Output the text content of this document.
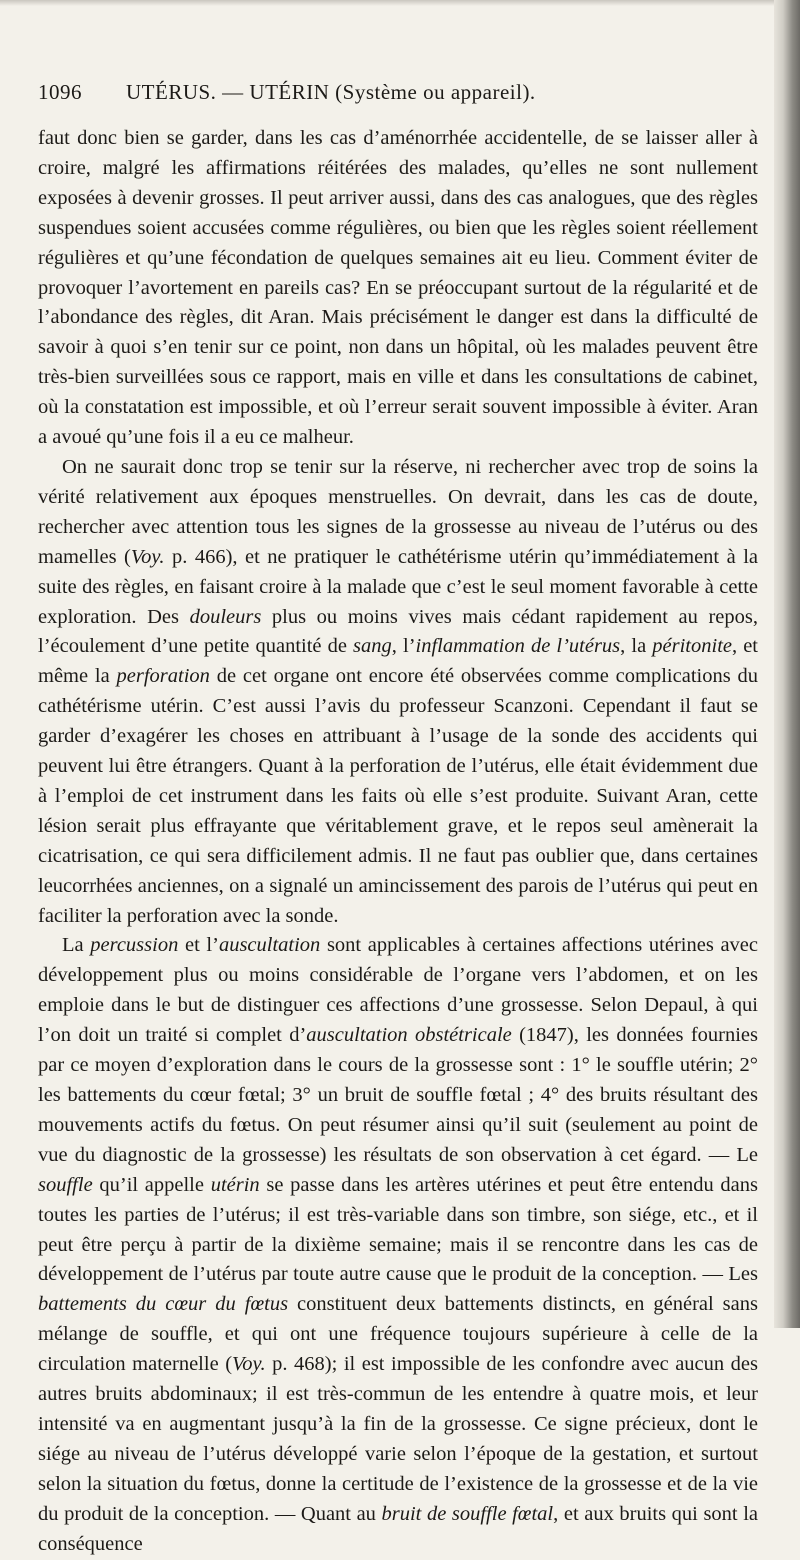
1096 UTÉRUS. — UTÉRIN (Système ou appareil).

faut donc bien se garder, dans les cas d’aménorrhée accidentelle, de se laisser aller à croire, malgré les affirmations réitérées des malades, qu’elles ne sont nullement exposées à devenir grosses. Il peut arriver aussi, dans des cas analogues, que des règles suspendues soient accusées comme régulières, ou bien que les règles soient réellement régulières et qu’une fécondation de quelques semaines ait eu lieu. Comment éviter de provoquer l’avortement en pareils cas? En se préoccupant surtout de la régularité et de l’abondance des règles, dit Aran. Mais précisément le danger est dans la difficulté de savoir à quoi s’en tenir sur ce point, non dans un hôpital, où les malades peuvent être très-bien surveillées sous ce rapport, mais en ville et dans les consultations de cabinet, où la constatation est impossible, et où l’erreur serait souvent impossible à éviter. Aran a avoué qu’une fois il a eu ce malheur.

On ne saurait donc trop se tenir sur la réserve, ni rechercher avec trop de soins la vérité relativement aux époques menstruelles. On devrait, dans les cas de doute, rechercher avec attention tous les signes de la grossesse au niveau de l’utérus ou des mamelles (Voy. p. 466), et ne pratiquer le cathétérisme utérin qu’immédiatement à la suite des règles, en faisant croire à la malade que c’est le seul moment favorable à cette exploration. Des douleurs plus ou moins vives mais cédant rapidement au repos, l’écoulement d’une petite quantité de sang, l’inflammation de l’utérus, la péritonite, et même la perforation de cet organe ont encore été observées comme complications du cathétérisme utérin. C’est aussi l’avis du professeur Scanzoni. Cependant il faut se garder d’exagérer les choses en attribuant à l’usage de la sonde des accidents qui peuvent lui être étrangers. Quant à la perforation de l’utérus, elle était évidemment due à l’emploi de cet instrument dans les faits où elle s’est produite. Suivant Aran, cette lésion serait plus effrayante que véritablement grave, et le repos seul amènerait la cicatrisation, ce qui sera difficilement admis. Il ne faut pas oublier que, dans certaines leucorrhées anciennes, on a signalé un amincissement des parois de l’utérus qui peut en faciliter la perforation avec la sonde.

La percussion et l’auscultation sont applicables à certaines affections utérines avec développement plus ou moins considérable de l’organe vers l’abdomen, et on les emploie dans le but de distinguer ces affections d’une grossesse. Selon Depaul, à qui l’on doit un traité si complet d’auscultation obstétricale (1847), les données fournies par ce moyen d’exploration dans le cours de la grossesse sont : 1° le souffle utérin; 2° les battements du cœur fœtal; 3° un bruit de souffle fœtal ; 4° des bruits résultant des mouvements actifs du fœtus. On peut résumer ainsi qu’il suit (seulement au point de vue du diagnostic de la grossesse) les résultats de son observation à cet égard. — Le souffle qu’il appelle utérin se passe dans les artères utérines et peut être entendu dans toutes les parties de l’utérus; il est très-variable dans son timbre, son siége, etc., et il peut être perçu à partir de la dixième semaine; mais il se rencontre dans les cas de développement de l’utérus par toute autre cause que le produit de la conception. — Les battements du cœur du fœtus constituent deux battements distincts, en général sans mélange de souffle, et qui ont une fréquence toujours supérieure à celle de la circulation maternelle (Voy. p. 468); il est impossible de les confondre avec aucun des autres bruits abdominaux; il est très-commun de les entendre à quatre mois, et leur intensité va en augmentant jusqu’à la fin de la grossesse. Ce signe précieux, dont le siége au niveau de l’utérus développé varie selon l’époque de la gestation, et surtout selon la situation du fœtus, donne la certitude de l’existence de la grossesse et de la vie du produit de la conception. — Quant au bruit de souffle fœtal, et aux bruits qui sont la conséquence
